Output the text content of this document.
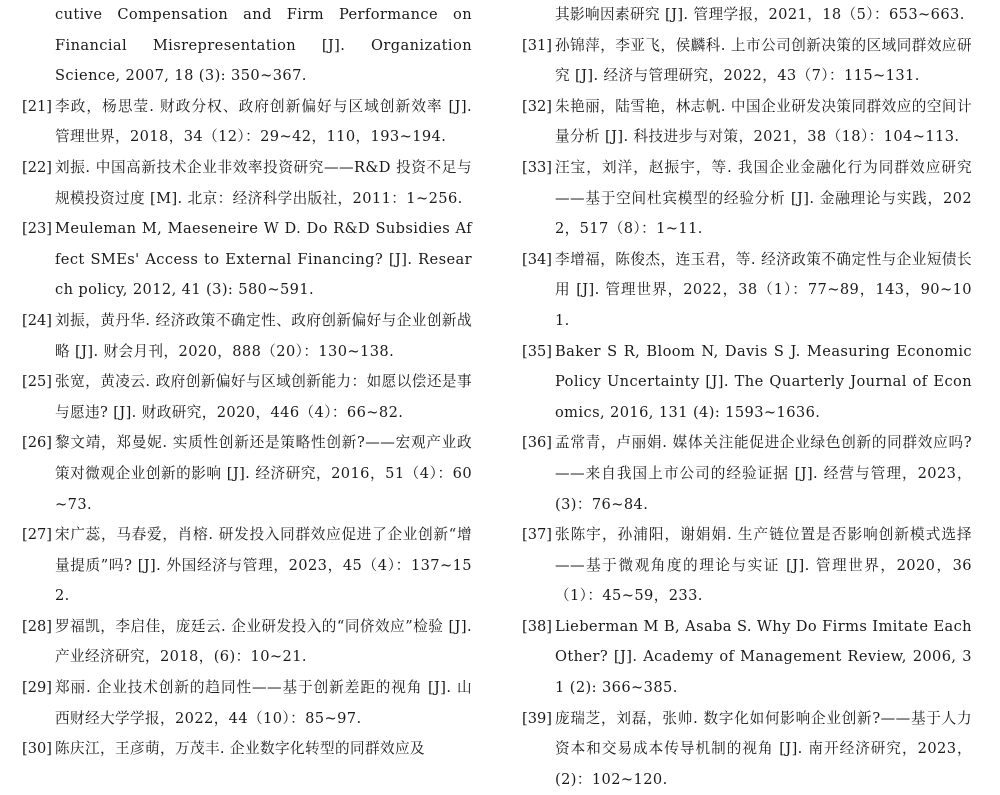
cutive Compensation and Firm Performance on Financial Misrepresentation [J]. Organization Science, 2007, 18 (3): 350~367.
[21] 李政，杨思莹. 财政分权、政府创新偏好与区域创新效率 [J]. 管理世界，2018，34（12）：29~42，110，193~194.
[22] 刘振. 中国高新技术企业非效率投资研究——R&D 投资不足与规模投资过度 [M]. 北京：经济科学出版社，2011：1~256.
[23] Meuleman M, Maeseneire W D. Do R&D Subsidies Affect SMEs' Access to External Financing? [J]. Research policy, 2012, 41 (3): 580~591.
[24] 刘振，黄丹华. 经济政策不确定性、政府创新偏好与企业创新战略 [J]. 财会月刊，2020，888（20）：130~138.
[25] 张宽，黄凌云. 政府创新偏好与区域创新能力：如愿以偿还是事与愿违? [J]. 财政研究，2020，446（4）：66~82.
[26] 黎文靖，郑曼妮. 实质性创新还是策略性创新?——宏观产业政策对微观企业创新的影响 [J]. 经济研究，2016，51（4）：60~73.
[27] 宋广蕊，马春爱，肖榕. 研发投入同群效应促进了企业创新“增量提质”吗? [J]. 外国经济与管理，2023，45（4）：137~152.
[28] 罗福凯，李启佳，庞廷云. 企业研发投入的“同侪效应”检验 [J]. 产业经济研究，2018，(6)：10~21.
[29] 郑丽. 企业技术创新的趋同性——基于创新差距的视角 [J]. 山西财经大学学报，2022，44（10）：85~97.
[30] 陈庆江，王彦萌，万茂丰. 企业数字化转型的同群效应及
其影响因素研究 [J]. 管理学报，2021，18（5）：653~663.
[31] 孙锦萍，李亚飞，侯麟科. 上市公司创新决策的区域同群效应研究 [J]. 经济与管理研究，2022，43（7）：115~131.
[32] 朱艳丽，陆雪艳，林志帆. 中国企业研发决策同群效应的空间计量分析 [J]. 科技进步与对策，2021，38（18）：104~113.
[33] 汪宝，刘洋，赵振宇，等. 我国企业金融化行为同群效应研究——基于空间杜宾模型的经验分析 [J]. 金融理论与实践，2022，517（8）：1~11.
[34] 李增福，陈俊杰，连玉君，等. 经济政策不确定性与企业短债长用 [J]. 管理世界，2022，38（1）：77~89，143，90~101.
[35] Baker S R, Bloom N, Davis S J. Measuring Economic Policy Uncertainty [J]. The Quarterly Journal of Economics, 2016, 131 (4): 1593~1636.
[36] 孟常青，卢丽娟. 媒体关注能促进企业绿色创新的同群效应吗?——来自我国上市公司的经验证据 [J]. 经营与管理，2023，(3)：76~84.
[37] 张陈宇，孙浦阳，谢娟娟. 生产链位置是否影响创新模式选择——基于微观角度的理论与实证 [J]. 管理世界，2020，36（1）：45~59，233.
[38] Lieberman M B, Asaba S. Why Do Firms Imitate Each Other? [J]. Academy of Management Review, 2006, 31 (2): 366~385.
[39] 庞瑞芝，刘磊，张帅. 数字化如何影响企业创新?——基于人力资本和交易成本传导机制的视角 [J]. 南开经济研究，2023，(2)：102~120.
